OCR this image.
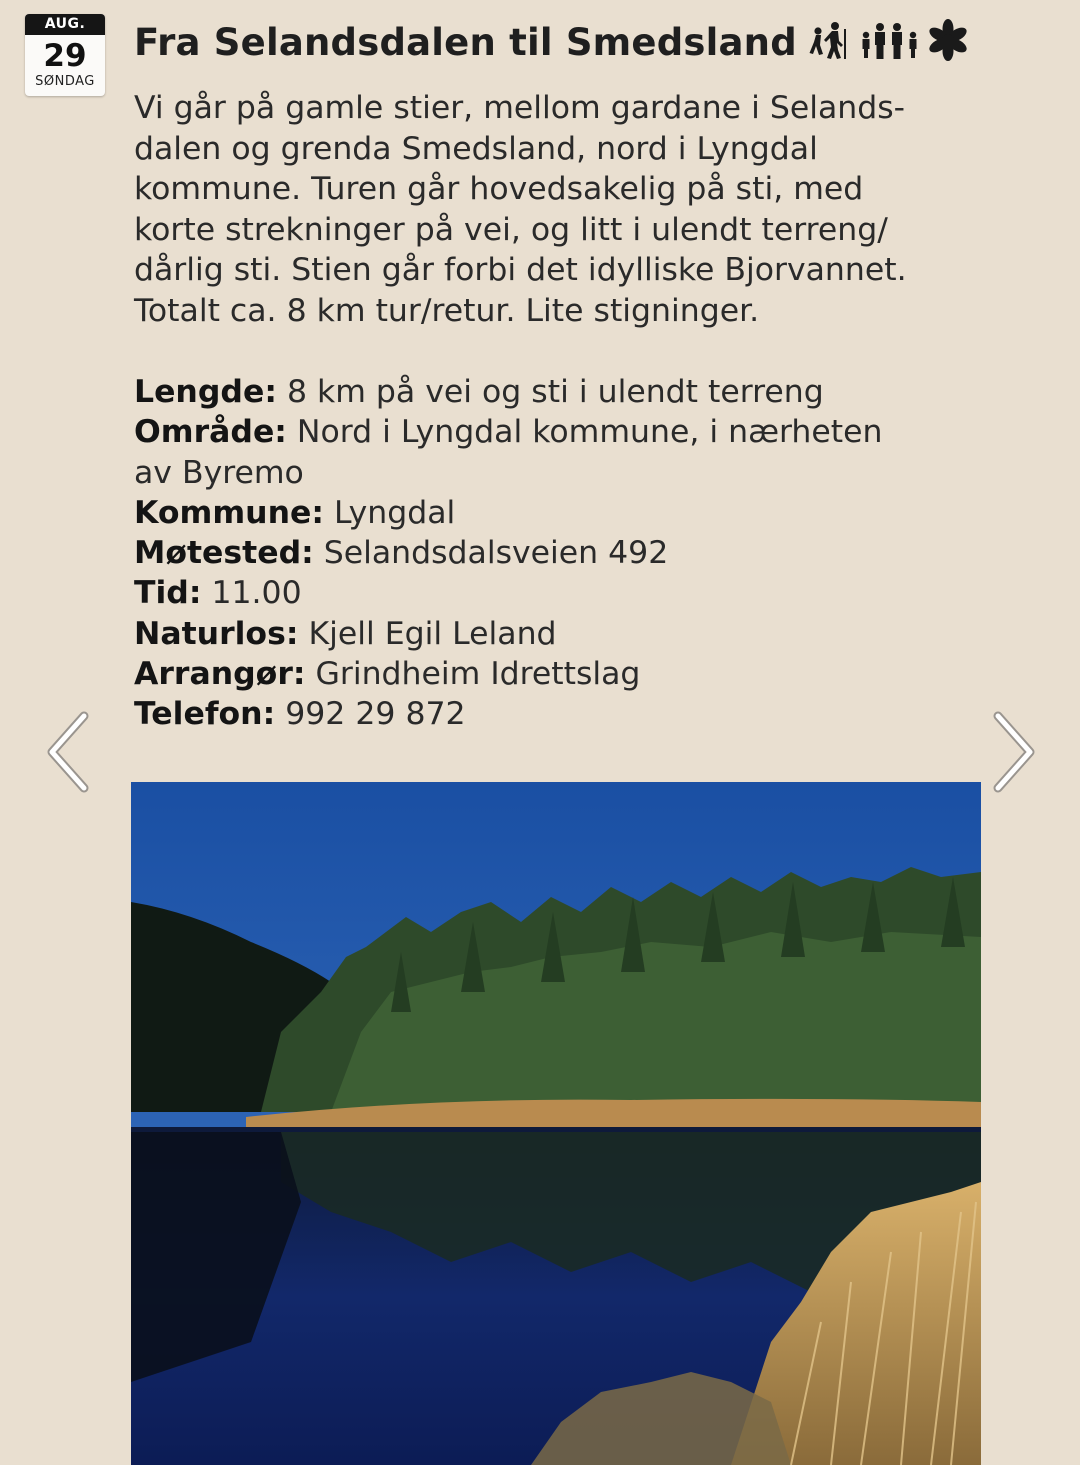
AUG.
29
SØNDAG
Fra Selandsdalen til Smedsland

Vi går på gamle stier, mellom gardane i Selands-
dalen og grenda Smedsland, nord i Lyngdal
kommune. Turen går hovedsakelig på sti, med
korte strekninger på vei, og litt i ulendt terreng/
dårlig sti. Stien går forbi det idylliske Bjorvannet.
Totalt ca. 8 km tur/retur. Lite stigninger.

Lengde: 8 km på vei og sti i ulendt terreng
Område: Nord i Lyngdal kommune, i nærheten
av Byremo
Kommune: Lyngdal
Møtested: Selandsdalsveien 492
Tid: 11.00
Naturlos: Kjell Egil Leland
Arrangør: Grindheim Idrettslag
Telefon: 992 29 872
